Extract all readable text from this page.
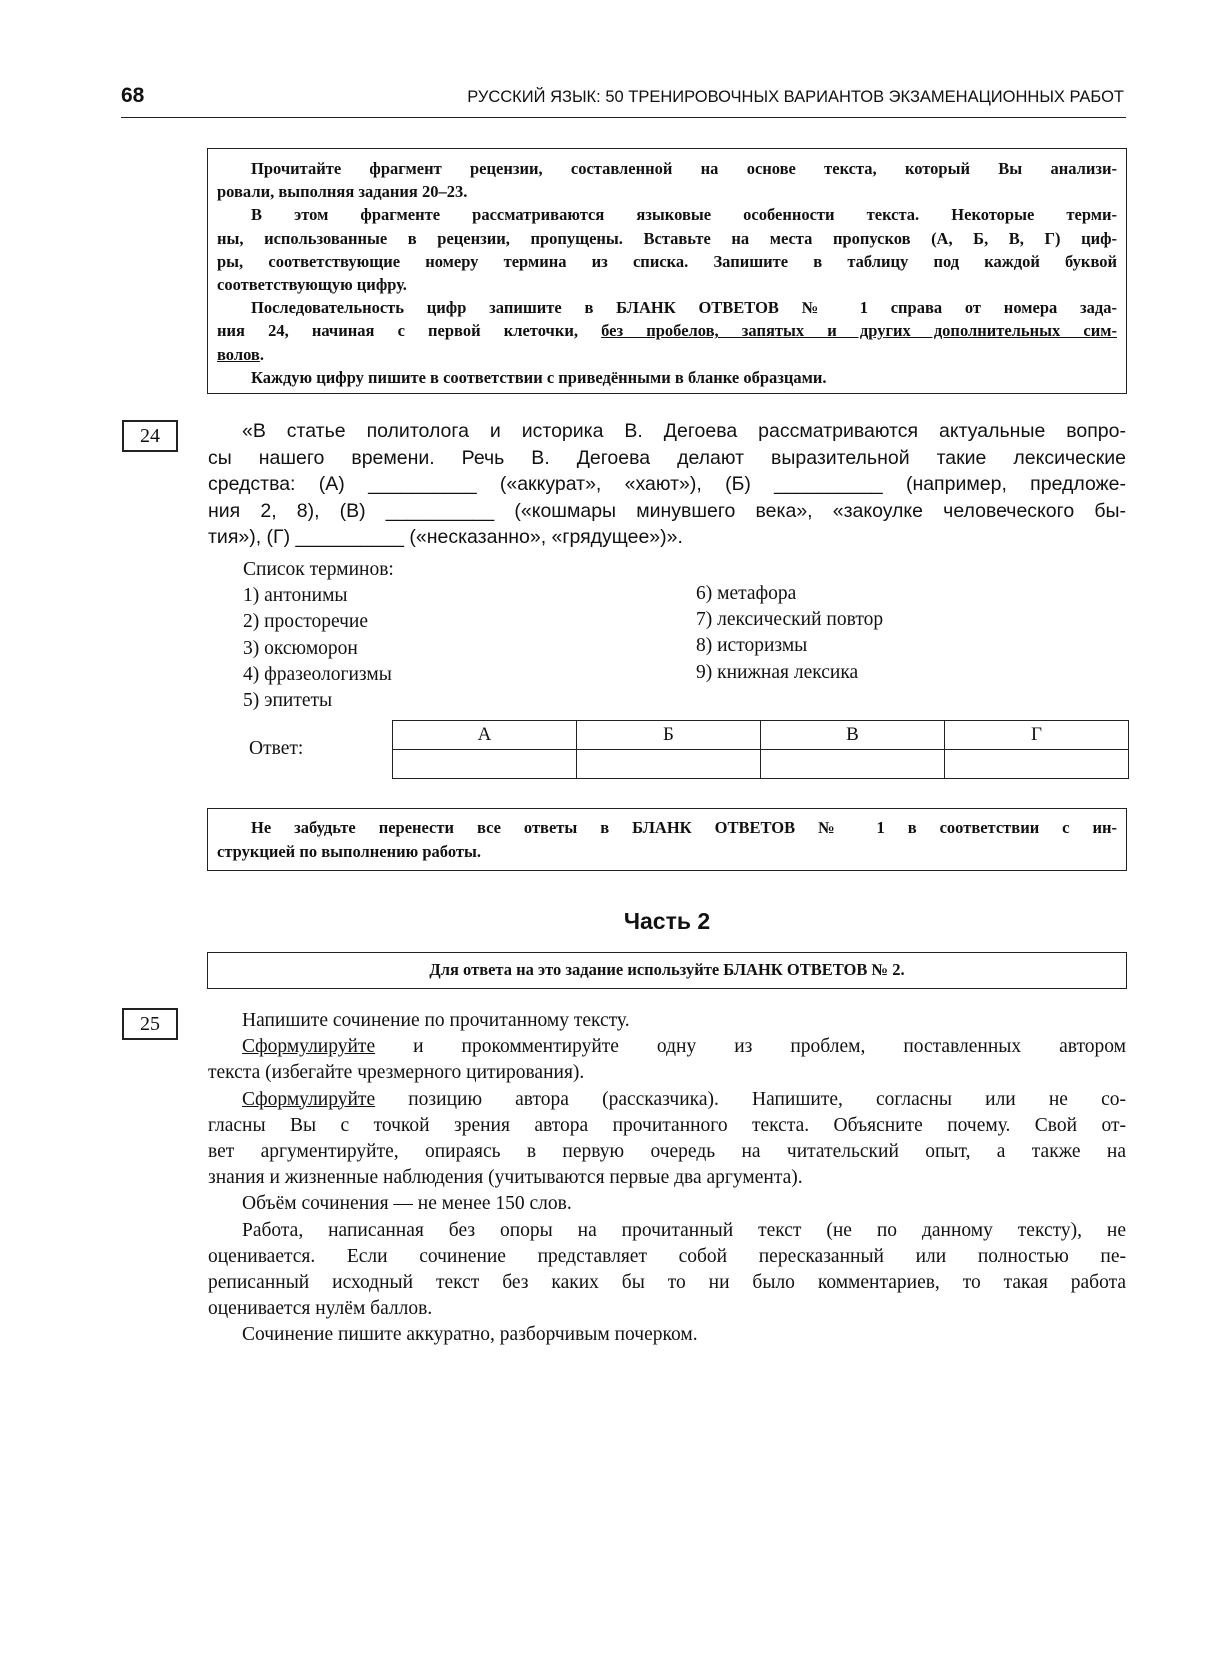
68	РУССКИЙ ЯЗЫК: 50 ТРЕНИРОВОЧНЫХ ВАРИАНТОВ ЭКЗАМЕНАЦИОННЫХ РАБОТ
Прочитайте фрагмент рецензии, составленной на основе текста, который Вы анализи-
ровали, выполняя задания 20–23.
В этом фрагменте рассматриваются языковые особенности текста. Некоторые терми-
ны, использованные в рецензии, пропущены. Вставьте на места пропусков (А, Б, В, Г) циф-
ры, соответствующие номеру термина из списка. Запишите в таблицу под каждой буквой
соответствующую цифру.
Последовательность цифр запишите в БЛАНК ОТВЕТОВ № 1 справа от номера зада-
ния 24, начиная с первой клеточки, без пробелов, запятых и других дополнительных сим-
волов.
Каждую цифру пишите в соответствии с приведёнными в бланке образцами.
24	«В статье политолога и историка В. Дегоева рассматриваются актуальные вопро-
сы нашего времени. Речь В. Дегоева делают выразительной такие лексические
средства: (А) __________ («аккурат», «хают»), (Б) __________ (например, предложе-
ния 2, 8), (В) __________ («кошмары минувшего века», «закоулке человеческого бы-
тия»), (Г) __________ («несказанно», «грядущее»)».
Список терминов:
1) антонимы
2) просторечие
3) оксюморон
4) фразеологизмы
5) эпитеты
6) метафора
7) лексический повтор
8) историзмы
9) книжная лексика
Ответ:
А	Б	В	Г

Не забудьте перенести все ответы в БЛАНК ОТВЕТОВ № 1 в соответствии с ин-
струкцией по выполнению работы.
Часть 2
Для ответа на это задание используйте БЛАНК ОТВЕТОВ № 2.
25	Напишите сочинение по прочитанному тексту.
Сформулируйте и прокомментируйте одну из проблем, поставленных автором
текста (избегайте чрезмерного цитирования).
Сформулируйте позицию автора (рассказчика). Напишите, согласны или не со-
гласны Вы с точкой зрения автора прочитанного текста. Объясните почему. Свой от-
вет аргументируйте, опираясь в первую очередь на читательский опыт, а также на
знания и жизненные наблюдения (учитываются первые два аргумента).
Объём сочинения — не менее 150 слов.
Работа, написанная без опоры на прочитанный текст (не по данному тексту), не
оценивается. Если сочинение представляет собой пересказанный или полностью пе-
реписанный исходный текст без каких бы то ни было комментариев, то такая работа
оценивается нулём баллов.
Сочинение пишите аккуратно, разборчивым почерком.
